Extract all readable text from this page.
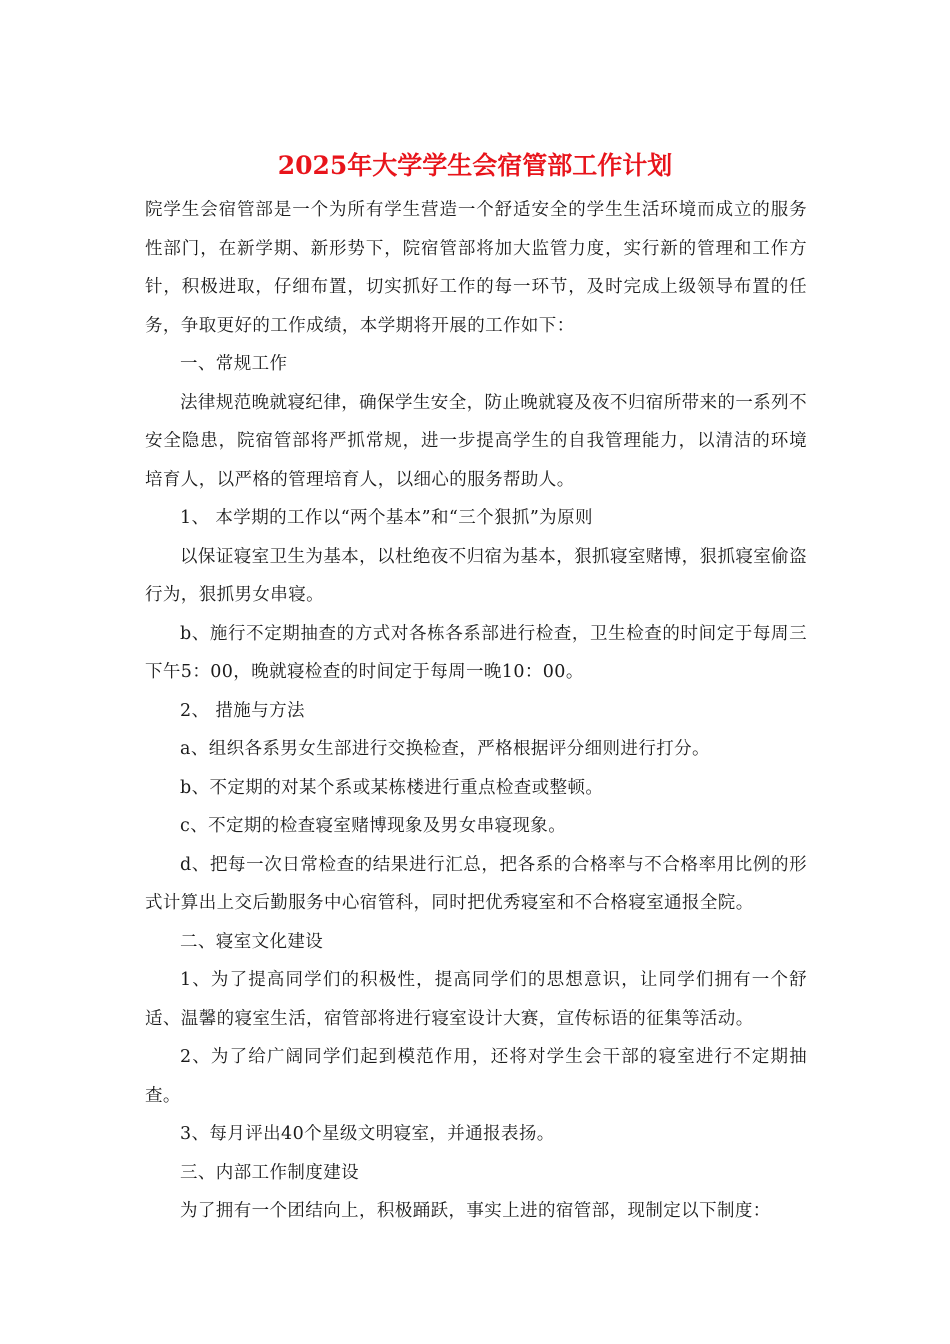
2025年大学学生会宿管部工作计划

院学生会宿管部是一个为所有学生营造一个舒适安全的学生生活环境而成立的服务性部门，在新学期、新形势下，院宿管部将加大监管力度，实行新的管理和工作方针，积极进取，仔细布置，切实抓好工作的每一环节，及时完成上级领导布置的任务，争取更好的工作成绩，本学期将开展的工作如下：

一、常规工作

法律规范晚就寝纪律，确保学生安全，防止晚就寝及夜不归宿所带来的一系列不安全隐患，院宿管部将严抓常规，进一步提高学生的自我管理能力，以清洁的环境培育人，以严格的管理培育人，以细心的服务帮助人。

1、 本学期的工作以“两个基本”和“三个狠抓”为原则

以保证寝室卫生为基本，以杜绝夜不归宿为基本，狠抓寝室赌博，狠抓寝室偷盗行为，狠抓男女串寝。

b、施行不定期抽查的方式对各栋各系部进行检查，卫生检查的时间定于每周三下午5：00，晚就寝检查的时间定于每周一晚10：00。

2、 措施与方法

a、组织各系男女生部进行交换检查，严格根据评分细则进行打分。

b、不定期的对某个系或某栋楼进行重点检查或整顿。

c、不定期的检查寝室赌博现象及男女串寝现象。

d、把每一次日常检查的结果进行汇总，把各系的合格率与不合格率用比例的形式计算出上交后勤服务中心宿管科，同时把优秀寝室和不合格寝室通报全院。

二、寝室文化建设

1、为了提高同学们的积极性，提高同学们的思想意识，让同学们拥有一个舒适、温馨的寝室生活，宿管部将进行寝室设计大赛，宣传标语的征集等活动。

2、为了给广阔同学们起到模范作用，还将对学生会干部的寝室进行不定期抽查。

3、每月评出40个星级文明寝室，并通报表扬。

三、内部工作制度建设

为了拥有一个团结向上，积极踊跃，事实上进的宿管部，现制定以下制度：
